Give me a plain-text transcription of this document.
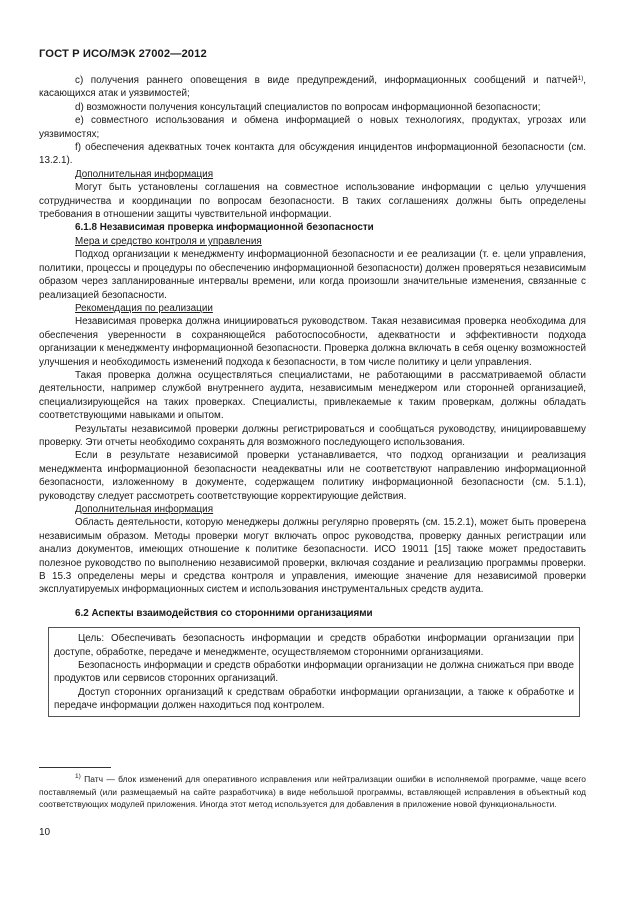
ГОСТ Р ИСО/МЭК 27002—2012

c) получения раннего оповещения в виде предупреждений, информационных сообщений и патчей$^{1)}$, касающихся атак и уязвимостей;

d) возможности получения консультаций специалистов по вопросам информационной безопасности;

e) совместного использования и обмена информацией о новых технологиях, продуктах, угрозах или уязвимостях;

f) обеспечения адекватных точек контакта для обсуждения инцидентов информационной безопасности (см. 13.2.1).

Дополнительная информация

Могут быть установлены соглашения на совместное использование информации с целью улучшения сотрудничества и координации по вопросам безопасности. В таких соглашениях должны быть определены требования в отношении защиты чувствительной информации.

6.1.8 Независимая проверка информационной безопасности

Мера и средство контроля и управления

Подход организации к менеджменту информационной безопасности и ее реализации (т. е. цели управления, политики, процессы и процедуры по обеспечению информационной безопасности) должен проверяться независимым образом через запланированные интервалы времени, или когда произошли значительные изменения, связанные с реализацией безопасности.

Рекомендация по реализации

Независимая проверка должна инициироваться руководством. Такая независимая проверка необходима для обеспечения уверенности в сохраняющейся работоспособности, адекватности и эффективности подхода организации к менеджменту информационной безопасности. Проверка должна включать в себя оценку возможностей улучшения и необходимость изменений подхода к безопасности, в том числе политику и цели управления.

Такая проверка должна осуществляться специалистами, не работающими в рассматриваемой области деятельности, например службой внутреннего аудита, независимым менеджером или сторонней организацией, специализирующейся на таких проверках. Специалисты, привлекаемые к таким проверкам, должны обладать соответствующими навыками и опытом.

Результаты независимой проверки должны регистрироваться и сообщаться руководству, инициировавшему проверку. Эти отчеты необходимо сохранять для возможного последующего использования.

Если в результате независимой проверки устанавливается, что подход организации и реализация менеджмента информационной безопасности неадекватны или не соответствуют направлению информационной безопасности, изложенному в документе, содержащем политику информационной безопасности (см. 5.1.1), руководству следует рассмотреть соответствующие корректирующие действия.

Дополнительная информация

Область деятельности, которую менеджеры должны регулярно проверять (см. 15.2.1), может быть проверена независимым образом. Методы проверки могут включать опрос руководства, проверку данных регистрации или анализ документов, имеющих отношение к политике безопасности. ИСО 19011 [15] также может предоставить полезное руководство по выполнению независимой проверки, включая создание и реализацию программы проверки. В 15.3 определены меры и средства контроля и управления, имеющие значение для независимой проверки эксплуатируемых информационных систем и использования инструментальных средств аудита.

6.2 Аспекты взаимодействия со сторонними организациями

Цель: Обеспечивать безопасность информации и средств обработки информации организации при доступе, обработке, передаче и менеджменте, осуществляемом сторонними организациями.

Безопасность информации и средств обработки информации организации не должна снижаться при вводе продуктов или сервисов сторонних организаций.

Доступ сторонних организаций к средствам обработки информации организации, а также к обработке и передаче информации должен находиться под контролем.

$^{1)}$ Патч — блок изменений для оперативного исправления или нейтрализации ошибки в исполняемой программе, чаще всего поставляемый (или размещаемый на сайте разработчика) в виде небольшой программы, вставляющей исправления в объектный код соответствующих модулей приложения. Иногда этот метод используется для добавления в приложение новой функциональности.

10
